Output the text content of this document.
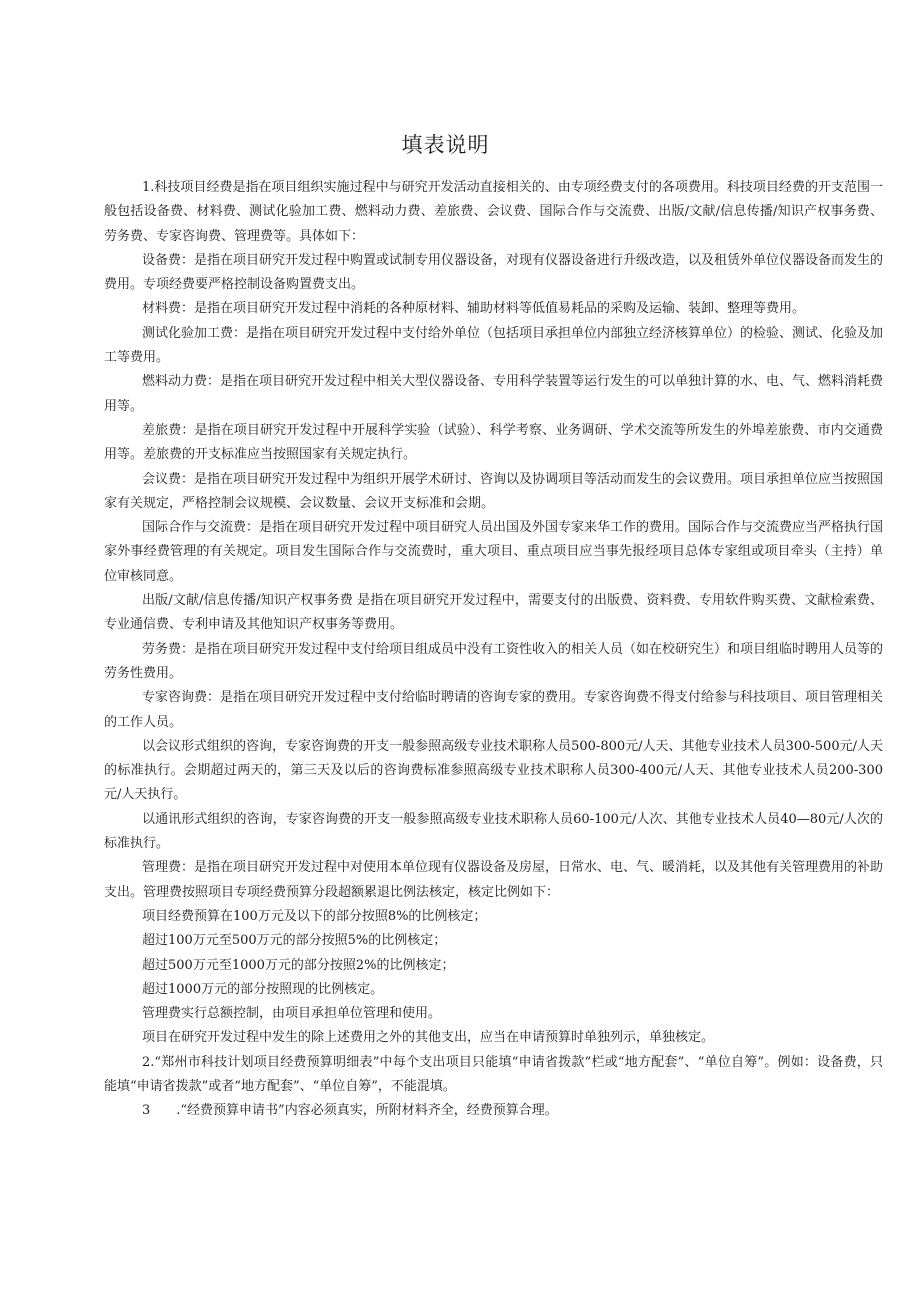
填表说明

1.科技项目经费是指在项目组织实施过程中与研究开发活动直接相关的、由专项经费支付的各项费用。科技项目经费的开支范围一般包括设备费、材料费、测试化验加工费、燃料动力费、差旅费、会议费、国际合作与交流费、出版/文献/信息传播/知识产权事务费、劳务费、专家咨询费、管理费等。具体如下：

设备费：是指在项目研究开发过程中购置或试制专用仪器设备，对现有仪器设备进行升级改造，以及租赁外单位仪器设备而发生的费用。专项经费要严格控制设备购置费支出。

材料费：是指在项目研究开发过程中消耗的各种原材料、辅助材料等低值易耗品的采购及运输、装卸、整理等费用。

测试化验加工费：是指在项目研究开发过程中支付给外单位（包括项目承担单位内部独立经济核算单位）的检验、测试、化验及加工等费用。

燃料动力费：是指在项目研究开发过程中相关大型仪器设备、专用科学装置等运行发生的可以单独计算的水、电、气、燃料消耗费用等。

差旅费：是指在项目研究开发过程中开展科学实验（试验）、科学考察、业务调研、学术交流等所发生的外埠差旅费、市内交通费用等。差旅费的开支标准应当按照国家有关规定执行。

会议费：是指在项目研究开发过程中为组织开展学术研讨、咨询以及协调项目等活动而发生的会议费用。项目承担单位应当按照国家有关规定，严格控制会议规模、会议数量、会议开支标准和会期。

国际合作与交流费：是指在项目研究开发过程中项目研究人员出国及外国专家来华工作的费用。国际合作与交流费应当严格执行国家外事经费管理的有关规定。项目发生国际合作与交流费时，重大项目、重点项目应当事先报经项目总体专家组或项目牵头（主持）单位审核同意。

出版/文献/信息传播/知识产权事务费 是指在项目研究开发过程中，需要支付的出版费、资料费、专用软件购买费、文献检索费、专业通信费、专利申请及其他知识产权事务等费用。

劳务费：是指在项目研究开发过程中支付给项目组成员中没有工资性收入的相关人员（如在校研究生）和项目组临时聘用人员等的劳务性费用。

专家咨询费：是指在项目研究开发过程中支付给临时聘请的咨询专家的费用。专家咨询费不得支付给参与科技项目、项目管理相关的工作人员。

以会议形式组织的咨询，专家咨询费的开支一般参照高级专业技术职称人员500-800元/人天、其他专业技术人员300-500元/人天的标准执行。会期超过两天的，第三天及以后的咨询费标准参照高级专业技术职称人员300-400元/人天、其他专业技术人员200-300元/人天执行。

以通讯形式组织的咨询，专家咨询费的开支一般参照高级专业技术职称人员60-100元/人次、其他专业技术人员40—80元/人次的标准执行。

管理费：是指在项目研究开发过程中对使用本单位现有仪器设备及房屋，日常水、电、气、暖消耗，以及其他有关管理费用的补助支出。管理费按照项目专项经费预算分段超额累退比例法核定，核定比例如下：

项目经费预算在100万元及以下的部分按照8%的比例核定；

超过100万元至500万元的部分按照5%的比例核定；

超过500万元至1000万元的部分按照2%的比例核定；

超过1000万元的部分按照现的比例核定。

管理费实行总额控制，由项目承担单位管理和使用。

项目在研究开发过程中发生的除上述费用之外的其他支出，应当在申请预算时单独列示，单独核定。

2.“郑州市科技计划项目经费预算明细表”中每个支出项目只能填“申请省拨款”栏或“地方配套”、“单位自筹”。例如：设备费，只能填“申请省拨款”或者“地方配套”、“单位自筹”，不能混填。

3　　.“经费预算申请书”内容必须真实，所附材料齐全，经费预算合理。
